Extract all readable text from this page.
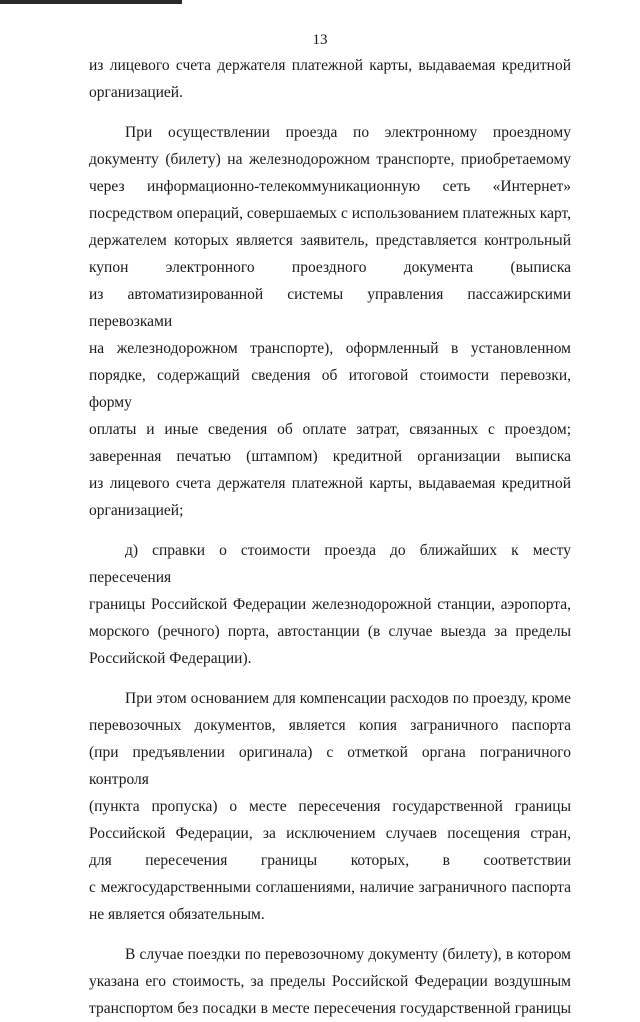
13

из лицевого счета держателя платежной карты, выдаваемая кредитной

организацией.

При осуществлении проезда по электронному проездному

документу (билету) на железнодорожном транспорте, приобретаемому

через информационно-телекоммуникационную сеть «Интернет»

посредством операций, совершаемых с использованием платежных карт,

держателем которых является заявитель, представляется контрольный

купон электронного проездного документа (выписка

из автоматизированной системы управления пассажирскими перевозками

на железнодорожном транспорте), оформленный в установленном

порядке, содержащий сведения об итоговой стоимости перевозки, форму

оплаты и иные сведения об оплате затрат, связанных с проездом;

заверенная печатью (штампом) кредитной организации выписка

из лицевого счета держателя платежной карты, выдаваемая кредитной

организацией;

д) справки о стоимости проезда до ближайших к месту пересечения

границы Российской Федерации железнодорожной станции, аэропорта,

морского (речного) порта, автостанции (в случае выезда за пределы

Российской Федерации).

При этом основанием для компенсации расходов по проезду, кроме

перевозочных документов, является копия заграничного паспорта

(при предъявлении оригинала) с отметкой органа пограничного контроля

(пункта пропуска) о месте пересечения государственной границы

Российской Федерации, за исключением случаев посещения стран,

для пересечения границы которых, в соответствии

с межгосударственными соглашениями, наличие заграничного паспорта

не является обязательным.

В случае поездки по перевозочному документу (билету), в котором

указана его стоимость, за пределы Российской Федерации воздушным

транспортом без посадки в месте пересечения государственной границы
